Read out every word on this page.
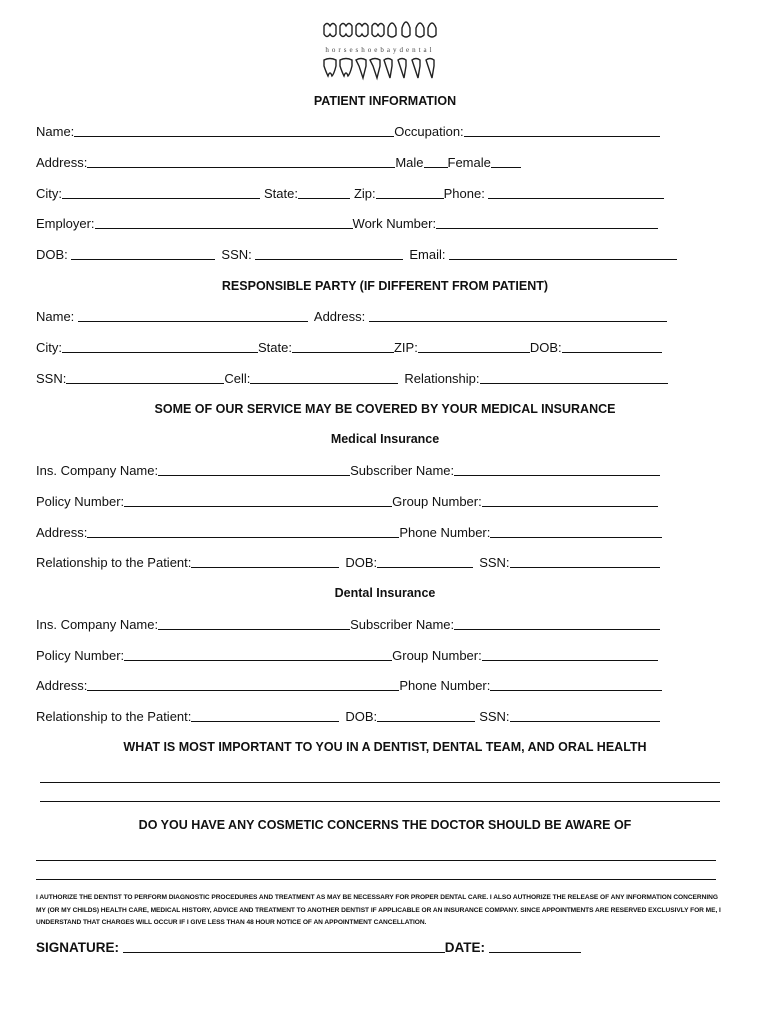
horseshoebaydental
PATIENT INFORMATION
Name:	Occupation:
Address:	Male Female
City:	State:	Zip:	Phone:
Employer:	Work Number:
DOB:	SSN:	Email:
RESPONSIBLE PARTY (IF DIFFERENT FROM PATIENT)
Name:	Address:
City:	State:	ZIP:	DOB:
SSN:	Cell:	Relationship:
SOME OF OUR SERVICE MAY BE COVERED BY YOUR MEDICAL INSURANCE
Medical Insurance
Ins. Company Name:	Subscriber Name:
Policy Number:	Group Number:
Address:	Phone Number:
Relationship to the Patient:	DOB:	SSN:
Dental Insurance
Ins. Company Name:	Subscriber Name:
Policy Number:	Group Number:
Address:	Phone Number:
Relationship to the Patient:	DOB:	SSN:
WHAT IS MOST IMPORTANT TO YOU IN A DENTIST, DENTAL TEAM, AND ORAL HEALTH
DO YOU HAVE ANY COSMETIC CONCERNS THE DOCTOR SHOULD BE AWARE OF
I AUTHORIZE THE DENTIST TO PERFORM DIAGNOSTIC PROCEDURES AND TREATMENT AS MAY BE NECESSARY FOR PROPER DENTAL CARE. I ALSO AUTHORIZE THE RELEASE OF ANY INFORMATION CONCERNING MY (OR MY CHILDS) HEALTH CARE, MEDICAL HISTORY, ADVICE AND TREATMENT TO ANOTHER DENTIST IF APPLICABLE OR AN INSURANCE COMPANY. SINCE APPOINTMENTS ARE RESERVED EXCLUSIVLY FOR ME, I UNDERSTAND THAT CHARGES WILL OCCUR IF I GIVE LESS THAN 48 HOUR NOTICE OF AN APPOINTMENT CANCELLATION.
SIGNATURE:	DATE:
